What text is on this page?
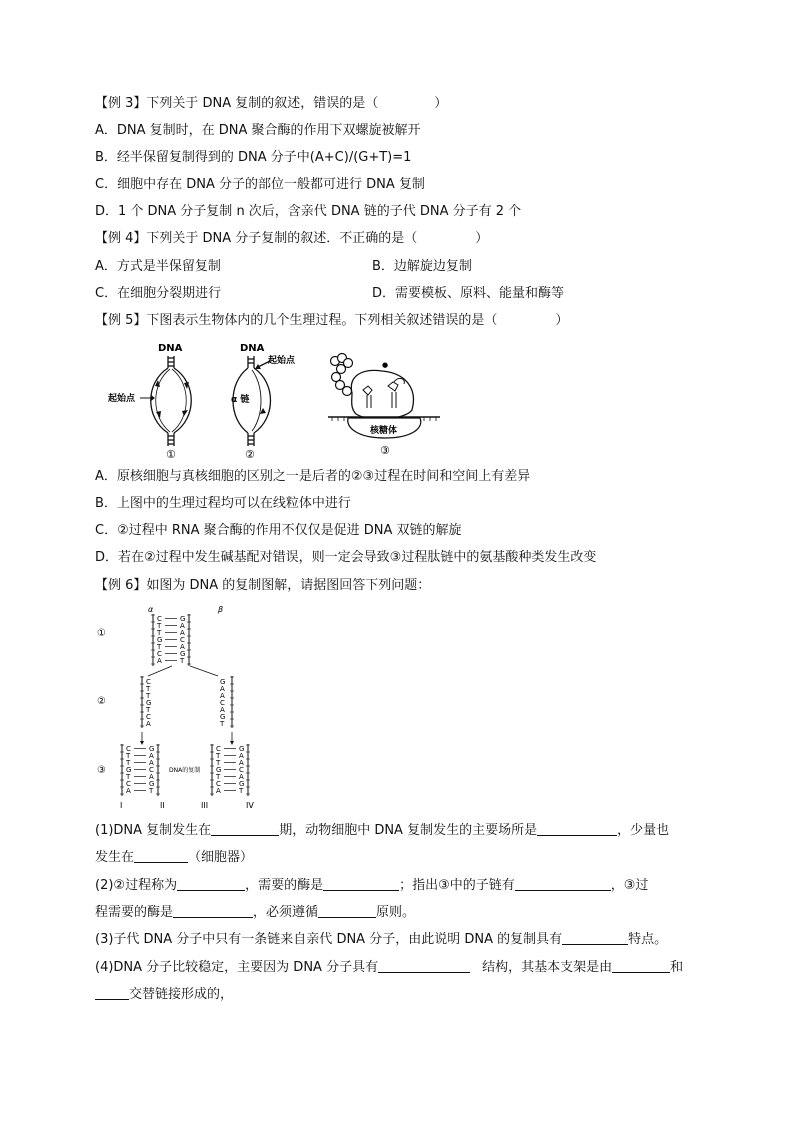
【例 3】下列关于 DNA 复制的叙述，错误的是（	）
A．DNA 复制时，在 DNA 聚合酶的作用下双螺旋被解开
B．经半保留复制得到的 DNA 分子中(A+C)/(G+T)=1
C．细胞中存在 DNA 分子的部位一般都可进行 DNA 复制
D．1 个 DNA 分子复制 n 次后，含亲代 DNA 链的子代 DNA 分子有 2 个
【例 4】下列关于 DNA 分子复制的叙述．不正确的是（	）
A．方式是半保留复制	B．边解旋边复制
C．在细胞分裂期进行	D．需要模板、原料、能量和酶等
【例 5】下图表示生物体内的几个生理过程。下列相关叙述错误的是（	）
DNA
起始点
①
DNA
起始点
α 链
②
●
核糖体
③
A．原核细胞与真核细胞的区别之一是后者的②③过程在时间和空间上有差异
B．上图中的生理过程均可以在线粒体中进行
C．②过程中 RNA 聚合酶的作用不仅仅是促进 DNA 双链的解旋
D．若在②过程中发生碱基配对错误，则一定会导致③过程肽链中的氨基酸种类发生改变
【例 6】如图为 DNA 的复制图解，请据图回答下列问题：
①
②
③
α	β
DNA的复制
I	II	III	IV
C	G
T	A
T	A
G	C
T	A
C	G
A	T
C
T
T
G
T
C
A
G
A
A
C
A
G
T
C	G
T	A
T	A
G	C
T	A
C	G
A	T
C	G
T	A
T	A
G	C
T	A
C	G
A	T
(1)DNA 复制发生在	期，动物细胞中 DNA 复制发生的主要场所是	，少量也
发生在	（细胞器）
(2)②过程称为	，需要的酶是	；指出③中的子链有	，③过
程需要的酶是	，必须遵循	原则。
(3)子代 DNA 分子中只有一条链来自亲代 DNA 分子，由此说明 DNA 的复制具有	特点。
(4)DNA 分子比较稳定，主要因为 DNA 分子具有	结构，其基本支架是由	和
交替链接形成的，
